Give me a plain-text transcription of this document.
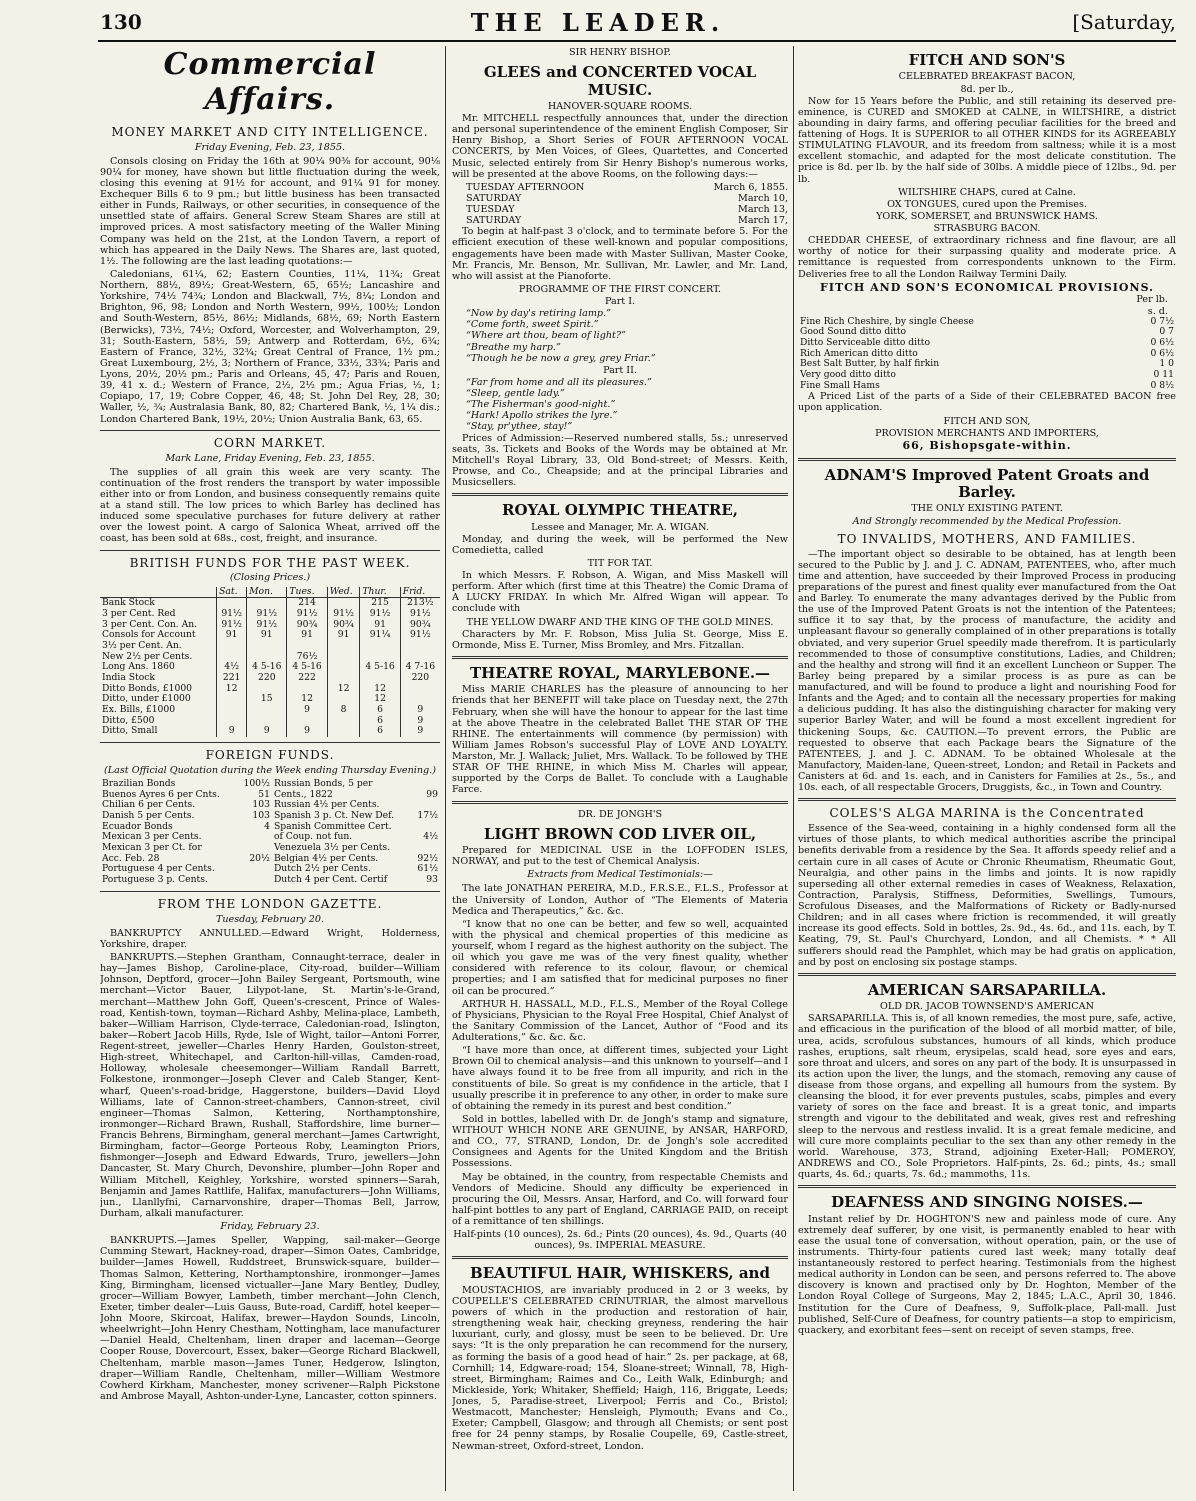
130	THE LEADER.	[Saturday,
Commercial Affairs.
MONEY MARKET AND CITY INTELLIGENCE.
Friday Evening, Feb. 23, 1855.

Consols closing on Friday the 16th at 90¼ 90⅜ for account, 90⅛ 90¼ for money, have shown but little fluctuation during the week, closing this evening at 91½ for account, and 91¼ 91 for money. Exchequer Bills 6 to 9 pm.; but little business has been transacted either in Funds, Railways, or other securities, in consequence of the unsettled state of affairs. General Screw Steam Shares are still at improved prices. A most satisfactory meeting of the Waller Mining Company was held on the 21st, at the London Tavern, a report of which has appeared in the Daily News. The Shares are, last quoted, 1½. The following are the last leading quotations:—

Caledonians, 61¼, 62; Eastern Counties, 11¼, 11¾; Great Northern, 88½, 89½; Great-Western, 65, 65½; Lancashire and Yorkshire, 74½ 74¾; London and Blackwall, 7½, 8¼; London and Brighton, 96, 98; London and North Western, 99½, 100½; London and South-Western, 85½, 86½; Midlands, 68½, 69; North Eastern (Berwicks), 73½, 74½; Oxford, Worcester, and Wolverhampton, 29, 31; South-Eastern, 58½, 59; Antwerp and Rotterdam, 6½, 6¾; Eastern of France, 32½, 32¾; Great Central of France, 1½ pm.; Great Luxembourg, 2½, 3; Northern of France, 33½, 33¾; Paris and Lyons, 20½, 20½ pm.; Paris and Orleans, 45, 47; Paris and Rouen, 39, 41 x. d.; Western of France, 2½, 2½ pm.; Agua Frias, ½, 1; Copiapo, 17, 19; Cobre Copper, 46, 48; St. John Del Rey, 28, 30; Waller, ½, ¾; Australasia Bank, 80, 82; Chartered Bank, ½, 1¼ dis.; London Chartered Bank, 19½, 20½; Union Australia Bank, 63, 65.

CORN MARKET.
Mark Lane, Friday Evening, Feb. 23, 1855.

The supplies of all grain this week are very scanty. The continuation of the frost renders the transport by water impossible either into or from London, and business consequently remains quite at a stand still. The low prices to which Barley has declined has induced some speculative purchases for future delivery at rather over the lowest point. A cargo of Salonica Wheat, arrived off the coast, has been sold at 68s., cost, freight, and insurance.

BRITISH FUNDS FOR THE PAST WEEK.
(Closing Prices.)
	Sat.	Mon.	Tues.	Wed.	Thur.	Frid.
Bank Stock			214		215	213½
3 per Cent. Red	91½	91½	91½	91½	91½	91½
3 per Cent. Con. An.	91½	91½	90¾	90¾	91	90¾
Consols for Account	91	91	91	91	91¼	91½
3½ per Cent. An.						
New 2½ per Cents.			76½			
Long Ans. 1860	4½	4 5-16	4 5-16		4 5-16	4 7-16
India Stock	221	220	222			220
Ditto Bonds, £1000	12			12	12	
Ditto, under £1000		15	12		12	
Ex. Bills, £1000			9	8	6	9
Ditto, £500					6	9
Ditto, Small	9	9	9		6	9
FOREIGN FUNDS.
(Last Official Quotation during the Week ending Thursday Evening.)
Brazilian Bonds	100½	Russian Bonds, 5 per	
Buenos Ayres 6 per Cnts.	51	Cents., 1822	99
Chilian 6 per Cents.	103	Russian 4½ per Cents.	
Danish 5 per Cents.	103	Spanish 3 p. Ct. New Def.	17½
Ecuador Bonds	4	Spanish Committee Cert.	
Mexican 3 per Cents.		of Coup. not fun.	4½
Mexican 3 per Ct. for		Venezuela 3½ per Cents.	
Acc. Feb. 28	20½	Belgian 4½ per Cents.	92½
Portuguese 4 per Cents.		Dutch 2½ per Cents.	61½
Portuguese 3 p. Cents.		Dutch 4 per Cent. Certif	93
FROM THE LONDON GAZETTE.
Tuesday, February 20.

BANKRUPTCY ANNULLED.—Edward Wright, Holderness, Yorkshire, draper.

BANKRUPTS.—Stephen Grantham, Connaught-terrace, dealer in hay—James Bishop, Caroline-place, City-road, builder—William Johnson, Deptford, grocer—John Bailey Sergeant, Portsmouth, wine merchant—Victor Bauer, Lilypot-lane, St. Martin's-le-Grand, merchant—Matthew John Goff, Queen's-crescent, Prince of Wales-road, Kentish-town, toyman—Richard Ashby, Melina-place, Lambeth, baker—William Harrison, Clyde-terrace, Caledonian-road, Islington, baker—Robert Jacob Hills, Ryde, Isle of Wight, tailor—Antoni Forrer, Regent-street, jeweller—Charles Henry Harden, Goulston-street, High-street, Whitechapel, and Carlton-hill-villas, Camden-road, Holloway, wholesale cheesemonger—William Randall Barrett, Folkestone, ironmonger—Joseph Clever and Caleb Stanger, Kent-wharf, Queen's-road-bridge, Haggerstone, builders—David Lloyd Williams, late of Cannon-street-chambers, Cannon-street, civil engineer—Thomas Salmon, Kettering, Northamptonshire, ironmonger—Richard Brawn, Rushall, Staffordshire, lime burner—Francis Behrens, Birmingham, general merchant—James Cartwright, Birmingham, factor—George Porteous Roby, Leamington Priors, fishmonger—Joseph and Edward Edwards, Truro, jewellers—John Dancaster, St. Mary Church, Devonshire, plumber—John Roper and William Mitchell, Keighley, Yorkshire, worsted spinners—Sarah, Benjamin and James Rattlife, Halifax, manufacturers—John Williams, jun., Llanllyfni, Carnarvonshire, draper—Thomas Bell, Jarrow, Durham, alkali manufacturer.

Friday, February 23.

BANKRUPTS.—James Speller, Wapping, sail-maker—George Cumming Stewart, Hackney-road, draper—Simon Oates, Cambridge, builder—James Howell, Ruddstreet, Brunswick-square, builder—Thomas Salmon, Kettering, Northamptonshire, ironmonger—James King, Birmingham, licensed victualler—Jane Mary Bentley, Dudley, grocer—William Bowyer, Lambeth, timber merchant—John Clench, Exeter, timber dealer—Luis Gauss, Bute-road, Cardiff, hotel keeper—John Moore, Skircoat, Halifax, brewer—Haydon Sounds, Lincoln, wheelwright—John Henry Chestham, Nottingham, lace manufacturer—Daniel Heald, Cheltenham, linen draper and laceman—George Cooper Rouse, Dovercourt, Essex, baker—George Richard Blackwell, Cheltenham, marble mason—James Tuner, Hedgerow, Islington, draper—William Randle, Cheltenham, miller—William Westmore Cowherd Kirkham, Manchester, money scrivener—Ralph Pickstone and Ambrose Mayall, Ashton-under-Lyne, Lancaster, cotton spinners.

SIR HENRY BISHOP.
GLEES and CONCERTED VOCAL MUSIC.
HANOVER-SQUARE ROOMS.

Mr. MITCHELL respectfully announces that, under the direction and personal superintendence of the eminent English Composer, Sir Henry Bishop, a Short Series of FOUR AFTERNOON VOCAL CONCERTS, by Men Voices, of Glees, Quartettes, and Concerted Music, selected entirely from Sir Henry Bishop's numerous works, will be presented at the above Rooms, on the following days:—

TUESDAY AFTERNOON	March 6, 1855.
SATURDAY	March 10,
TUESDAY	March 13,
SATURDAY	March 17,

To begin at half-past 3 o'clock, and to terminate before 5. For the efficient execution of these well-known and popular compositions, engagements have been made with Master Sullivan, Master Cooke, Mr. Francis, Mr. Benson, Mr. Sullivan, Mr. Lawler, and Mr. Land, who will assist at the Pianoforte.

PROGRAMME OF THE FIRST CONCERT.
Part I.
“Now by day's retiring lamp.”
“Come forth, sweet Spirit.”
“Where art thou, beam of light?”
“Breathe my harp.”
“Though he be now a grey, grey Friar.”
Part II.
“Far from home and all its pleasures.”
“Sleep, gentle lady.”
“The Fisherman's good-night.”
“Hark! Apollo strikes the lyre.”
“Stay, pr'ythee, stay!”

Prices of Admission:—Reserved numbered stalls, 5s.; unreserved seats, 3s. Tickets and Books of the Words may be obtained at Mr. Mitchell's Royal Library, 33, Old Bond-street; of Messrs. Keith, Prowse, and Co., Cheapside; and at the principal Libraries and Musicsellers.

ROYAL OLYMPIC THEATRE,
Lessee and Manager, Mr. A. WIGAN.

Monday, and during the week, will be performed the New Comedietta, called

TIT FOR TAT.

In which Messrs. F. Robson, A. Wigan, and Miss Maskell will perform. After which (first time at this Theatre) the Comic Drama of A LUCKY FRIDAY. In which Mr. Alfred Wigan will appear. To conclude with

THE YELLOW DWARF AND THE KING OF THE GOLD MINES.

Characters by Mr. F. Robson, Miss Julia St. George, Miss E. Ormonde, Miss E. Turner, Miss Bromley, and Mrs. Fitzallan.

THEATRE ROYAL, MARYLEBONE.—

Miss MARIE CHARLES has the pleasure of announcing to her friends that her BENEFIT will take place on Tuesday next, the 27th February, when she will have the honour to appear for the last time at the above Theatre in the celebrated Ballet THE STAR OF THE RHINE. The entertainments will commence (by permission) with William James Robson's successful Play of LOVE AND LOYALTY. Marston, Mr. J. Wallack; Juliet, Mrs. Wallack. To be followed by THE STAR OF THE RHINE, in which Miss M. Charles will appear, supported by the Corps de Ballet. To conclude with a Laughable Farce.

DR. DE JONGH'S
LIGHT BROWN COD LIVER OIL,

Prepared for MEDICINAL USE in the LOFFODEN ISLES, NORWAY, and put to the test of Chemical Analysis.

Extracts from Medical Testimonials:—

The late JONATHAN PEREIRA, M.D., F.R.S.E., F.L.S., Professor at the University of London, Author of “The Elements of Materia Medica and Therapeutics,” &c. &c.

“I know that no one can be better, and few so well, acquainted with the physical and chemical properties of this medicine as yourself, whom I regard as the highest authority on the subject. The oil which you gave me was of the very finest quality, whether considered with reference to its colour, flavour, or chemical properties; and I am satisfied that for medicinal purposes no finer oil can be procured.”

ARTHUR H. HASSALL, M.D., F.L.S., Member of the Royal College of Physicians, Physician to the Royal Free Hospital, Chief Analyst of the Sanitary Commission of the Lancet, Author of “Food and its Adulterations,” &c. &c. &c.

“I have more than once, at different times, subjected your Light Brown Oil to chemical analysis—and this unknown to yourself—and I have always found it to be free from all impurity, and rich in the constituents of bile. So great is my confidence in the article, that I usually prescribe it in preference to any other, in order to make sure of obtaining the remedy in its purest and best condition.”

Sold in bottles, labelled with Dr. de Jongh's stamp and signature, WITHOUT WHICH NONE ARE GENUINE, by ANSAR, HARFORD, and CO., 77, STRAND, London, Dr. de Jongh's sole accredited Consignees and Agents for the United Kingdom and the British Possessions.

May be obtained, in the country, from respectable Chemists and Vendors of Medicine. Should any difficulty be experienced in procuring the Oil, Messrs. Ansar, Harford, and Co. will forward four half-pint bottles to any part of England, CARRIAGE PAID, on receipt of a remittance of ten shillings.

Half-pints (10 ounces), 2s. 6d.; Pints (20 ounces), 4s. 9d., Quarts (40 ounces), 9s. IMPERIAL MEASURE.

BEAUTIFUL HAIR, WHISKERS, and

MOUSTACHIOS, are invariably produced in 2 or 3 weeks, by COUPELLE'S CELEBRATED CRINUTRIAR, the almost marvellous powers of which in the production and restoration of hair, strengthening weak hair, checking greyness, rendering the hair luxuriant, curly, and glossy, must be seen to be believed. Dr. Ure says: “It is the only preparation he can recommend for the nursery, as forming the basis of a good head of hair.” 2s. per package, at 68, Cornhill; 14, Edgware-road; 154, Sloane-street; Winnall, 78, High-street, Birmingham; Raimes and Co., Leith Walk, Edinburgh; and Mickleside, York; Whitaker, Sheffield; Haigh, 116, Briggate, Leeds; Jones, 5, Paradise-street, Liverpool; Ferris and Co., Bristol; Westmacott, Manchester; Hensleigh, Plymouth; Evans and Co., Exeter; Campbell, Glasgow; and through all Chemists; or sent post free for 24 penny stamps, by Rosalie Coupelle, 69, Castle-street, Newman-street, Oxford-street, London.

FITCH AND SON'S
CELEBRATED BREAKFAST BACON,
8d. per lb.,

Now for 15 Years before the Public, and still retaining its deserved pre-eminence, is CURED and SMOKED at CALNE, in WILTSHIRE, a district abounding in dairy farms, and offering peculiar facilities for the breed and fattening of Hogs. It is SUPERIOR to all OTHER KINDS for its AGREEABLY STIMULATING FLAVOUR, and its freedom from saltness; while it is a most excellent stomachic, and adapted for the most delicate constitution. The price is 8d. per lb. by the half side of 30lbs. A middle piece of 12lbs., 9d. per lb.

WILTSHIRE CHAPS, cured at Calne.
OX TONGUES, cured upon the Premises.
YORK, SOMERSET, and BRUNSWICK HAMS.
STRASBURG BACON.

CHEDDAR CHEESE, of extraordinary richness and fine flavour, are all worthy of notice for their surpassing quality and moderate price. A remittance is requested from correspondents unknown to the Firm. Deliveries free to all the London Railway Termini Daily.

FITCH AND SON'S ECONOMICAL PROVISIONS.
Per lb.
s. d.
Fine Rich Cheshire, by single Cheese	0 7½
Good Sound ditto ditto	0 7
Ditto Serviceable ditto ditto	0 6½
Rich American ditto ditto	0 6½
Best Salt Butter, by half firkin	1 0
Very good ditto ditto	0 11
Fine Small Hams	0 8½

A Priced List of the parts of a Side of their CELEBRATED BACON free upon application.

FITCH AND SON,
PROVISION MERCHANTS AND IMPORTERS,
66, Bishopsgate-within.
ADNAM'S Improved Patent Groats and Barley.
THE ONLY EXISTING PATENT.
And Strongly recommended by the Medical Profession.
TO INVALIDS, MOTHERS, AND FAMILIES.

—The important object so desirable to be obtained, has at length been secured to the Public by J. and J. C. ADNAM, PATENTEES, who, after much time and attention, have succeeded by their Improved Process in producing preparations of the purest and finest quality ever manufactured from the Oat and Barley. To enumerate the many advantages derived by the Public from the use of the Improved Patent Groats is not the intention of the Patentees; suffice it to say that, by the process of manufacture, the acidity and unpleasant flavour so generally complained of in other preparations is totally obviated, and very superior Gruel speedily made therefrom. It is particularly recommended to those of consumptive constitutions, Ladies, and Children; and the healthy and strong will find it an excellent Luncheon or Supper. The Barley being prepared by a similar process is as pure as can be manufactured, and will be found to produce a light and nourishing Food for Infants and the Aged; and to contain all the necessary properties for making a delicious pudding. It has also the distinguishing character for making very superior Barley Water, and will be found a most excellent ingredient for thickening Soups, &c. CAUTION.—To prevent errors, the Public are requested to observe that each Package bears the Signature of the PATENTEES, J. and J. C. ADNAM. To be obtained Wholesale at the Manufactory, Maiden-lane, Queen-street, London; and Retail in Packets and Canisters at 6d. and 1s. each, and in Canisters for Families at 2s., 5s., and 10s. each, of all respectable Grocers, Druggists, &c., in Town and Country.

COLES'S ALGA MARINA is the Concentrated

Essence of the Sea-weed, containing in a highly condensed form all the virtues of those plants, to which medical authorities ascribe the principal benefits derivable from a residence by the Sea. It affords speedy relief and a certain cure in all cases of Acute or Chronic Rheumatism, Rheumatic Gout, Neuralgia, and other pains in the limbs and joints. It is now rapidly superseding all other external remedies in cases of Weakness, Relaxation, Contraction, Paralysis, Stiffness, Deformities, Swellings, Tumours, Scrofulous Diseases, and the Malformations of Rickety or Badly-nursed Children; and in all cases where friction is recommended, it will greatly increase its good effects. Sold in bottles, 2s. 9d., 4s. 6d., and 11s. each, by T. Keating, 79, St. Paul's Churchyard, London, and all Chemists. * * All sufferers should read the Pamphlet, which may be had gratis on application, and by post on enclosing six postage stamps.

AMERICAN SARSAPARILLA.
OLD DR. JACOB TOWNSEND'S AMERICAN

SARSAPARILLA. This is, of all known remedies, the most pure, safe, active, and efficacious in the purification of the blood of all morbid matter, of bile, urea, acids, scrofulous substances, humours of all kinds, which produce rashes, eruptions, salt rheum, erysipelas, scald head, sore eyes and ears, sore throat and ulcers, and sores on any part of the body. It is unsurpassed in its action upon the liver, the lungs, and the stomach, removing any cause of disease from those organs, and expelling all humours from the system. By cleansing the blood, it for ever prevents pustules, scabs, pimples and every variety of sores on the face and breast. It is a great tonic, and imparts strength and vigour to the debilitated and weak, gives rest and refreshing sleep to the nervous and restless invalid. It is a great female medicine, and will cure more complaints peculiar to the sex than any other remedy in the world. Warehouse, 373, Strand, adjoining Exeter-Hall; POMEROY, ANDREWS and CO., Sole Proprietors. Half-pints, 2s. 6d.; pints, 4s.; small quarts, 4s. 6d.; quarts, 7s. 6d.; mammoths, 11s.

DEAFNESS AND SINGING NOISES.—

Instant relief by Dr. HOGHTON'S new and painless mode of cure. Any extremely deaf sufferer, by one visit, is permanently enabled to hear with ease the usual tone of conversation, without operation, pain, or the use of instruments. Thirty-four patients cured last week; many totally deaf instantaneously restored to perfect hearing. Testimonials from the highest medical authority in London can be seen, and persons referred to. The above discovery is known and practised only by Dr. Hoghton, Member of the London Royal College of Surgeons, May 2, 1845; L.A.C., April 30, 1846. Institution for the Cure of Deafness, 9, Suffolk-place, Pall-mall. Just published, Self-Cure of Deafness, for country patients—a stop to empiricism, quackery, and exorbitant fees—sent on receipt of seven stamps, free.
